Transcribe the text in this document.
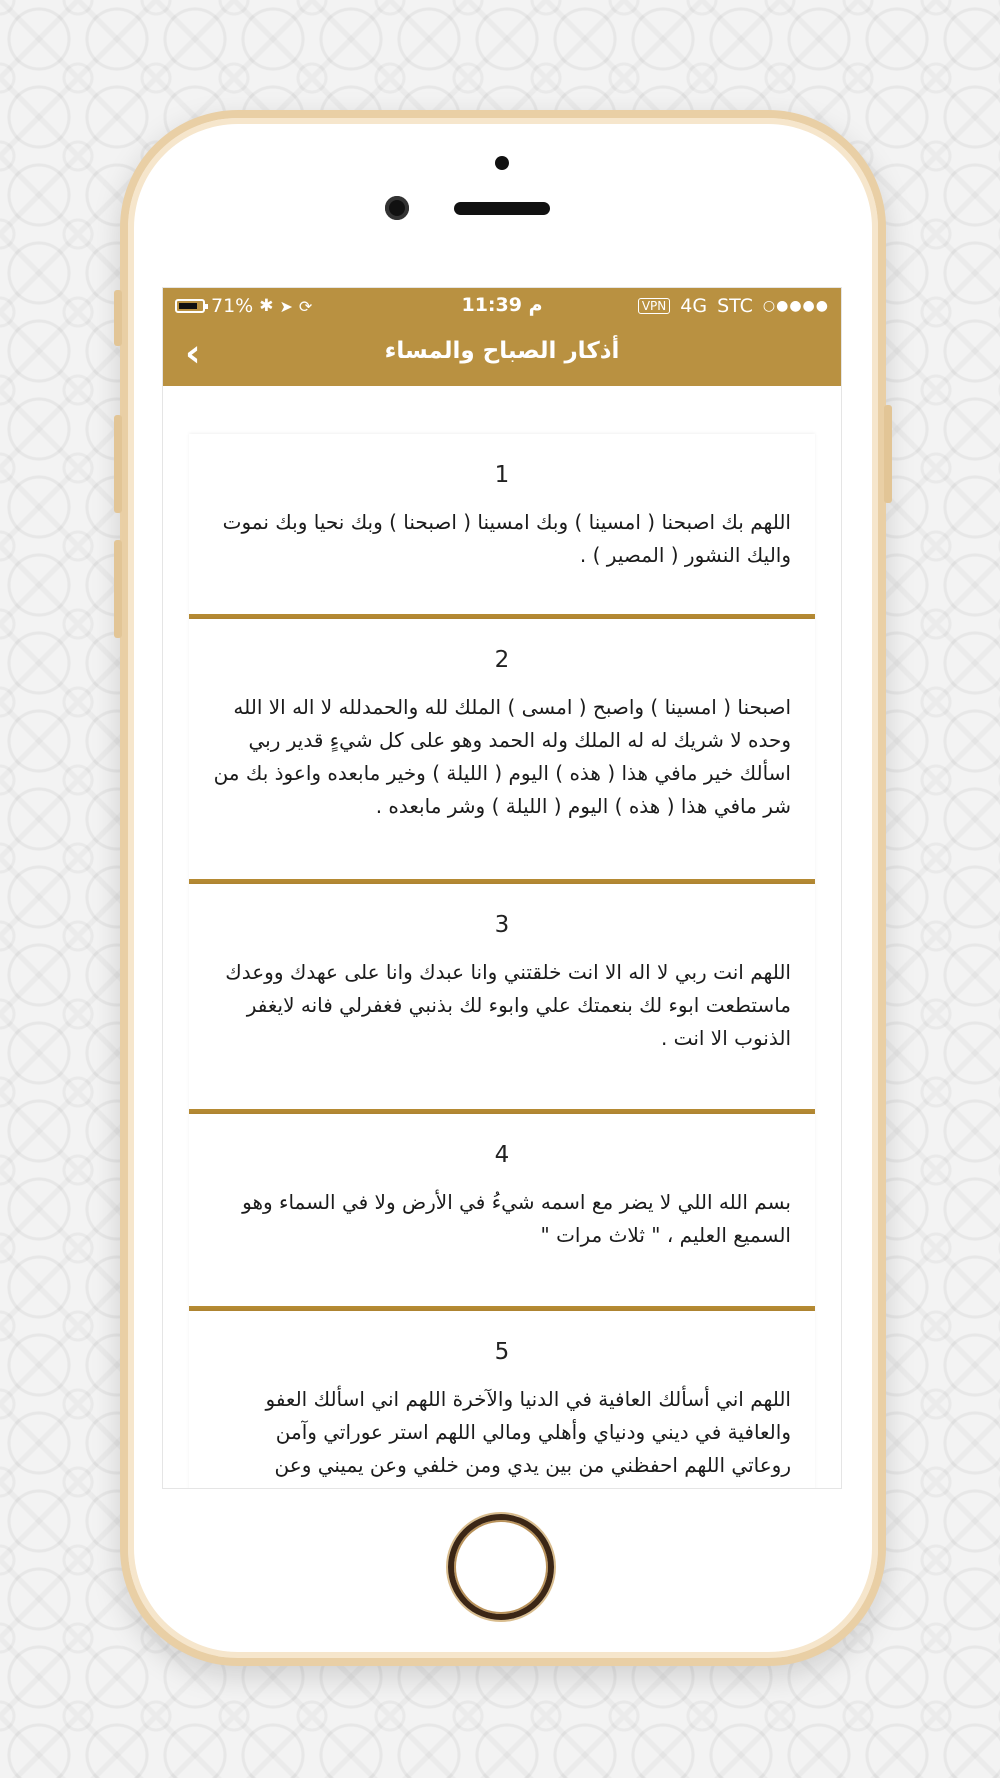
71% ✱ ➤ ⟳	11:39 م	VPN 4G STC ○●●●●
‹	أذكار الصباح والمساء
1
اللهم بك اصبحنا ( امسينا ) وبك امسينا ( اصبحنا ) وبك نحيا وبك نموت واليك النشور ( المصير ) .
2
اصبحنا ( امسينا ) واصبح ( امسى ) الملك لله والحمدلله لا اله الا الله وحده لا شريك له له الملك وله الحمد وهو على كل شيءٍ قدير ربي اسألك خير مافي هذا ( هذه ) اليوم ( الليلة ) وخير مابعده واعوذ بك من شر مافي هذا ( هذه ) اليوم ( الليلة ) وشر مابعده .
3
اللهم انت ربي لا اله الا انت خلقتني وانا عبدك وانا على عهدك ووعدك ماستطعت ابوء لك بنعمتك علي وابوء لك بذنبي فغفرلي فانه لايغفر الذنوب الا انت .
4
بسم الله اللي لا يضر مع اسمه شيءُ في الأرض ولا في السماء وهو السميع العليم ، " ثلاث مرات "
5
اللهم اني أسألك العافية في الدنيا والآخرة اللهم اني اسألك العفو والعافية في ديني ودنياي وأهلي ومالي اللهم استر عوراتي وآمن روعاتي اللهم احفظني من بين يدي ومن خلفي وعن يميني وعن
